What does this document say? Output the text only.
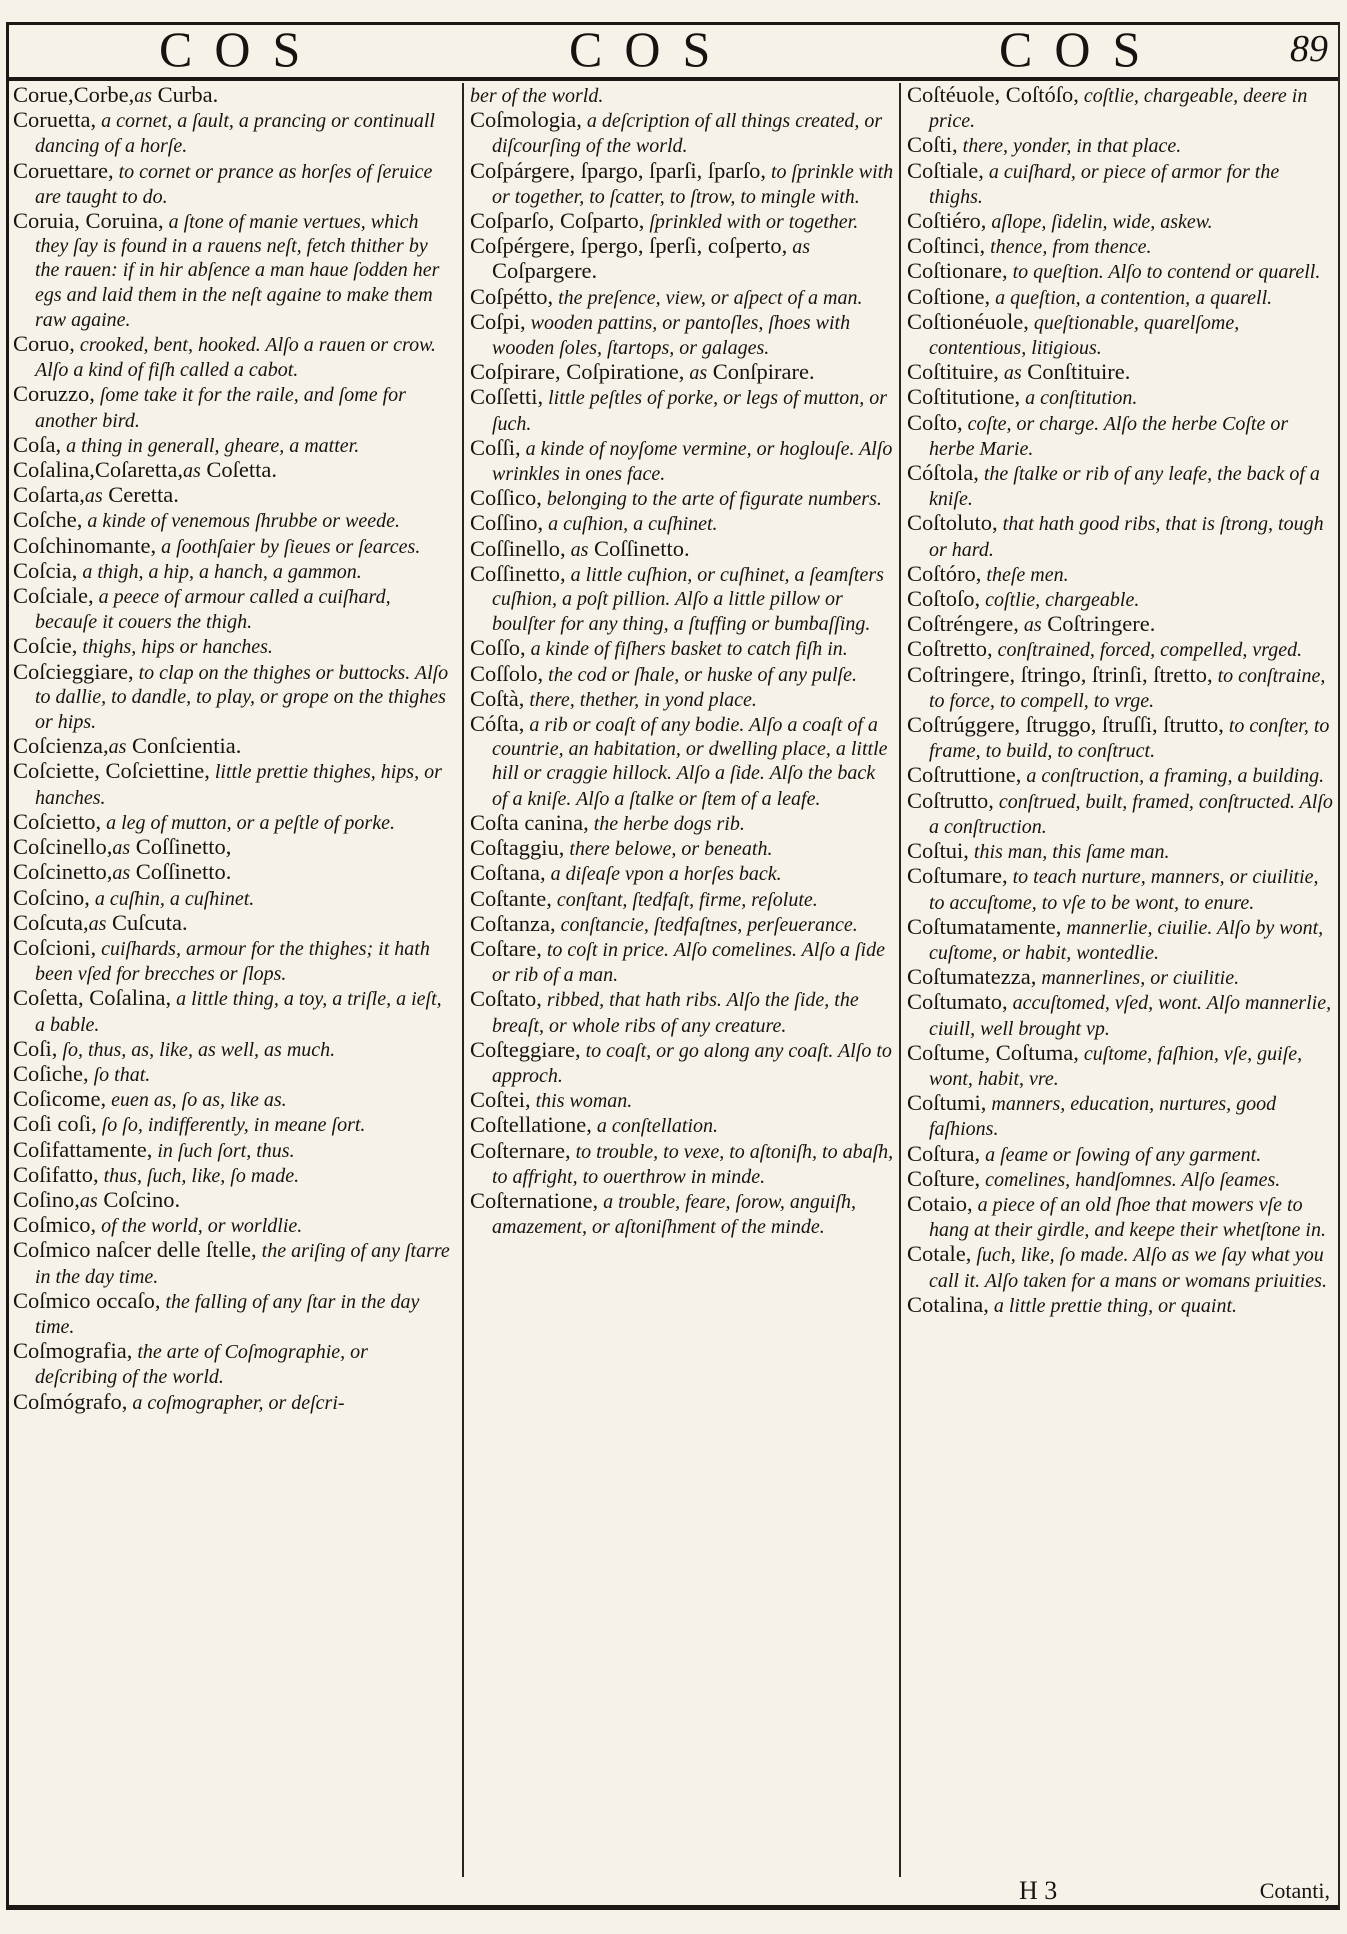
COS	COS	COS	89

Corue,Corbe,as Curba.

Coruetta, a cornet, a ſault, a prancing or continuall dancing of a horſe.

Coruettare, to cornet or prance as horſes of ſeruice are taught to do.

Coruia, Coruina, a ſtone of manie vertues, which they ſay is found in a rauens neſt, fetch thither by the rauen: if in hir abſence a man haue ſodden her egs and laid them in the neſt againe to make them raw againe.

Coruo, crooked, bent, hooked. Alſo a rauen or crow. Alſo a kind of fiſh called a cabot.

Coruzzo, ſome take it for the raile, and ſome for another bird.

Coſa, a thing in generall, gheare, a matter.

Coſalina,Coſaretta,as Coſetta.

Coſarta,as Ceretta.

Coſche, a kinde of venemous ſhrubbe or weede.

Coſchinomante, a ſoothſaier by ſieues or ſearces.

Coſcia, a thigh, a hip, a hanch, a gammon.

Coſciale, a peece of armour called a cuiſhard, becauſe it couers the thigh.

Coſcie, thighs, hips or hanches.

Coſcieggiare, to clap on the thighes or buttocks. Alſo to dallie, to dandle, to play, or grope on the thighes or hips.

Coſcienza,as Conſcientia.

Coſciette, Coſciettine, little prettie thighes, hips, or hanches.

Coſcietto, a leg of mutton, or a peſtle of porke.

Coſcinello,as Coſſinetto,

Coſcinetto,as Coſſinetto.

Coſcino, a cuſhin, a cuſhinet.

Coſcuta,as Cuſcuta.

Coſcioni, cuiſhards, armour for the thighes; it hath been vſed for brecches or ſlops.

Coſetta, Coſalina, a little thing, a toy, a triſle, a ieſt, a bable.

Coſi, ſo, thus, as, like, as well, as much.

Coſiche, ſo that.

Coſicome, euen as, ſo as, like as.

Coſi coſi, ſo ſo, indifferently, in meane ſort.

Coſifattamente, in ſuch ſort, thus.

Coſifatto, thus, ſuch, like, ſo made.

Coſino,as Coſcino.

Coſmico, of the world, or worldlie.

Coſmico naſcer delle ſtelle, the ariſing of any ſtarre in the day time.

Coſmico occaſo, the falling of any ſtar in the day time.

Coſmografia, the arte of Coſmographie, or deſcribing of the world.

Coſmógrafo, a coſmographer, or deſcri-

ber of the world.

Coſmologia, a deſcription of all things created, or diſcourſing of the world.

Coſpárgere, ſpargo, ſparſi, ſparſo, to ſprinkle with or together, to ſcatter, to ſtrow, to mingle with.

Coſparſo, Coſparto, ſprinkled with or together.

Coſpérgere, ſpergo, ſperſi, coſperto, as Coſpargere.

Coſpétto, the preſence, view, or aſpect of a man.

Coſpi, wooden pattins, or pantoſles, ſhoes with wooden ſoles, ſtartops, or galages.

Coſpirare, Coſpiratione, as Conſpirare.

Coſſetti, little peſtles of porke, or legs of mutton, or ſuch.

Coſſi, a kinde of noyſome vermine, or hoglouſe. Alſo wrinkles in ones face.

Coſſico, belonging to the arte of figurate numbers.

Coſſino, a cuſhion, a cuſhinet.

Coſſinello, as Coſſinetto.

Coſſinetto, a little cuſhion, or cuſhinet, a ſeamſters cuſhion, a poſt pillion. Alſo a little pillow or boulſter for any thing, a ſtuffing or bumbaſſing.

Coſſo, a kinde of fiſhers basket to catch fiſh in.

Coſſolo, the cod or ſhale, or huske of any pulſe.

Coſtà, there, thether, in yond place.

Cóſta, a rib or coaſt of any bodie. Alſo a coaſt of a countrie, an habitation, or dwelling place, a little hill or craggie hillock. Alſo a ſide. Alſo the back of a kniſe. Alſo a ſtalke or ſtem of a leafe.

Coſta canina, the herbe dogs rib.

Coſtaggiu, there belowe, or beneath.

Coſtana, a diſeaſe vpon a horſes back.

Coſtante, conſtant, ſtedfaſt, firme, reſolute.

Coſtanza, conſtancie, ſtedfaſtnes, perſeuerance.

Coſtare, to coſt in price. Alſo comelines. Alſo a ſide or rib of a man.

Coſtato, ribbed, that hath ribs. Alſo the ſide, the breaſt, or whole ribs of any creature.

Coſteggiare, to coaſt, or go along any coaſt. Alſo to approch.

Coſtei, this woman.

Coſtellatione, a conſtellation.

Coſternare, to trouble, to vexe, to aſtoniſh, to abaſh, to affright, to ouerthrow in minde.

Coſternatione, a trouble, feare, ſorow, anguiſh, amazement, or aſtoniſhment of the minde.

Coſtéuole, Coſtóſo, coſtlie, chargeable, deere in price.

Coſti, there, yonder, in that place.

Coſtiale, a cuiſhard, or piece of armor for the thighs.

Coſtiéro, aſlope, ſidelin, wide, askew.

Coſtinci, thence, from thence.

Coſtionare, to queſtion. Alſo to contend or quarell.

Coſtione, a queſtion, a contention, a quarell.

Coſtionéuole, queſtionable, quarelſome, contentious, litigious.

Coſtituire, as Conſtituire.

Coſtitutione, a conſtitution.

Coſto, coſte, or charge. Alſo the herbe Coſte or herbe Marie.

Cóſtola, the ſtalke or rib of any leafe, the back of a kniſe.

Coſtoluto, that hath good ribs, that is ſtrong, tough or hard.

Coſtóro, theſe men.

Coſtoſo, coſtlie, chargeable.

Coſtréngere, as Coſtringere.

Coſtretto, conſtrained, forced, compelled, vrged.

Coſtringere, ſtringo, ſtrinſi, ſtretto, to conſtraine, to force, to compell, to vrge.

Coſtrúggere, ſtruggo, ſtruſſi, ſtrutto, to conſter, to frame, to build, to conſtruct.

Coſtruttione, a conſtruction, a framing, a building.

Coſtrutto, conſtrued, built, framed, conſtructed. Alſo a conſtruction.

Coſtui, this man, this ſame man.

Coſtumare, to teach nurture, manners, or ciuilitie, to accuſtome, to vſe to be wont, to enure.

Coſtumatamente, mannerlie, ciuilie. Alſo by wont, cuſtome, or habit, wontedlie.

Coſtumatezza, mannerlines, or ciuilitie.

Coſtumato, accuſtomed, vſed, wont. Alſo mannerlie, ciuill, well brought vp.

Coſtume, Coſtuma, cuſtome, faſhion, vſe, guiſe, wont, habit, vre.

Coſtumi, manners, education, nurtures, good faſhions.

Coſtura, a ſeame or ſowing of any garment.

Coſture, comelines, handſomnes. Alſo ſeames.

Cotaio, a piece of an old ſhoe that mowers vſe to hang at their girdle, and keepe their whetſtone in.

Cotale, ſuch, like, ſo made. Alſo as we ſay what you call it. Alſo taken for a mans or womans priuities.

Cotalina, a little prettie thing, or quaint.

H 3	Cotanti,
